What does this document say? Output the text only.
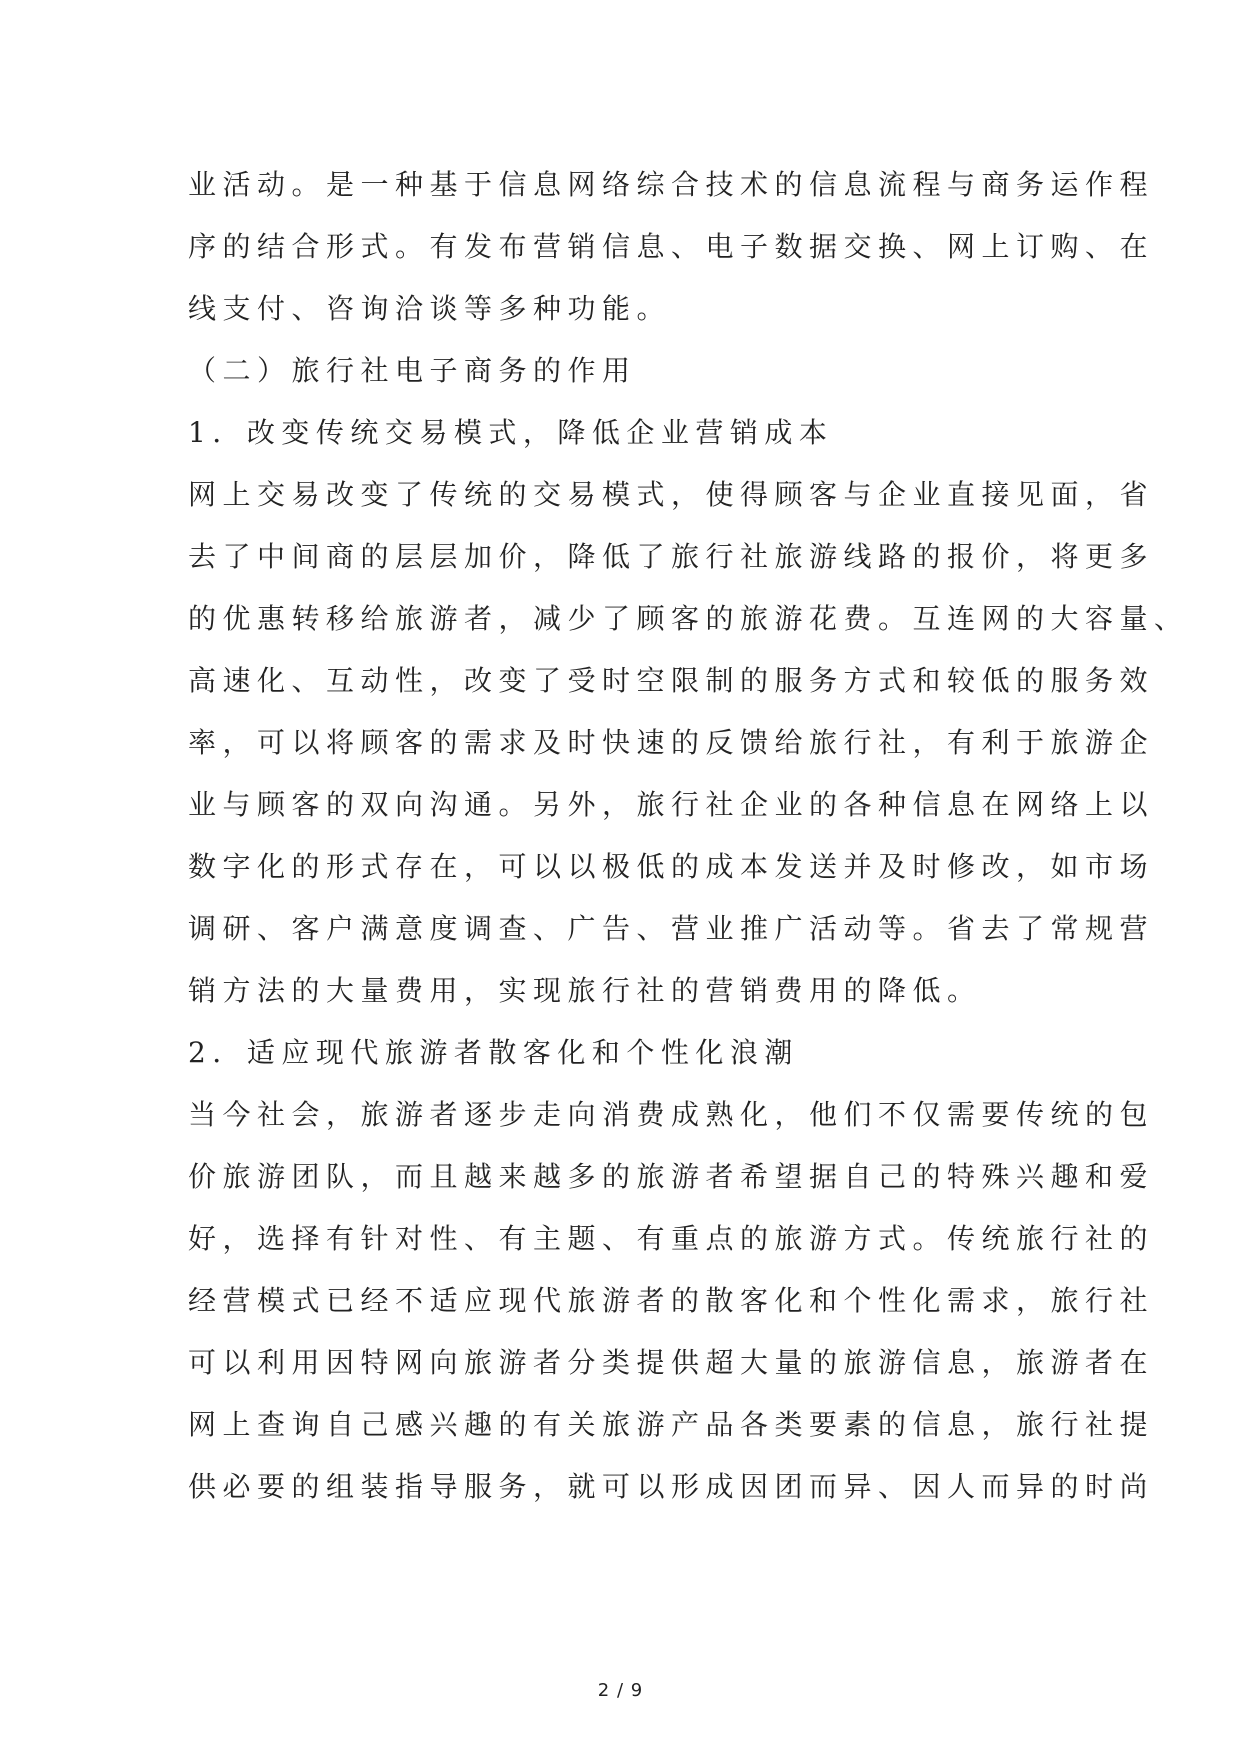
业活动。是一种基于信息网络综合技术的信息流程与商务运作程
序的结合形式。有发布营销信息、电子数据交换、网上订购、在
线支付、咨询洽谈等多种功能。
（二）旅行社电子商务的作用
1．改变传统交易模式，降低企业营销成本
网上交易改变了传统的交易模式，使得顾客与企业直接见面，省
去了中间商的层层加价，降低了旅行社旅游线路的报价，将更多
的优惠转移给旅游者，减少了顾客的旅游花费。互连网的大容量、
高速化、互动性，改变了受时空限制的服务方式和较低的服务效
率，可以将顾客的需求及时快速的反馈给旅行社，有利于旅游企
业与顾客的双向沟通。另外，旅行社企业的各种信息在网络上以
数字化的形式存在，可以以极低的成本发送并及时修改，如市场
调研、客户满意度调查、广告、营业推广活动等。省去了常规营
销方法的大量费用，实现旅行社的营销费用的降低。
2．适应现代旅游者散客化和个性化浪潮
当今社会，旅游者逐步走向消费成熟化，他们不仅需要传统的包
价旅游团队，而且越来越多的旅游者希望据自己的特殊兴趣和爱
好，选择有针对性、有主题、有重点的旅游方式。传统旅行社的
经营模式已经不适应现代旅游者的散客化和个性化需求，旅行社
可以利用因特网向旅游者分类提供超大量的旅游信息，旅游者在
网上查询自己感兴趣的有关旅游产品各类要素的信息，旅行社提
供必要的组装指导服务，就可以形成因团而异、因人而异的时尚
2 / 9
